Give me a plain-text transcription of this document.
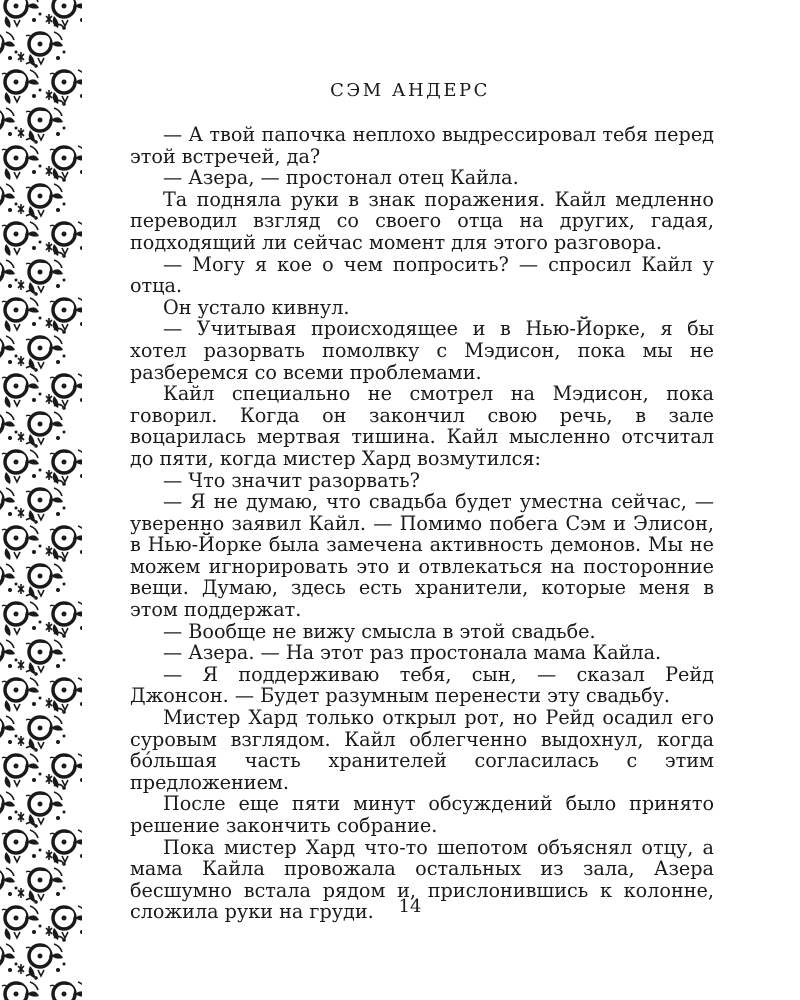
СЭМ АНДЕРС

— А твой папочка неплохо выдрессировал тебя перед этой встречей, да?

— Азера, — простонал отец Кайла.

Та подняла руки в знак поражения. Кайл медленно переводил взгляд со своего отца на других, гадая, подходящий ли сейчас момент для этого разговора.

— Могу я кое о чем попросить? — спросил Кайл у отца.

Он устало кивнул.

— Учитывая происходящее и в Нью-Йорке, я бы хотел разорвать помолвку с Мэдисон, пока мы не разберемся со всеми проблемами.

Кайл специально не смотрел на Мэдисон, пока говорил. Когда он закончил свою речь, в зале воцарилась мертвая тишина. Кайл мысленно отсчитал до пяти, когда мистер Хард возмутился:

— Что значит разорвать?

— Я не думаю, что свадьба будет уместна сейчас, — уверенно заявил Кайл. — Помимо побега Сэм и Элисон, в Нью-Йорке была замечена активность демонов. Мы не можем игнорировать это и отвлекаться на посторонние вещи. Думаю, здесь есть хранители, которые меня в этом поддержат.

— Вообще не вижу смысла в этой свадьбе.

— Азера. — На этот раз простонала мама Кайла.

— Я поддерживаю тебя, сын, — сказал Рейд Джонсон. — Будет разумным перенести эту свадьбу.

Мистер Хард только открыл рот, но Рейд осадил его суровым взглядом. Кайл облегченно выдохнул, когда бóльшая часть хранителей согласилась с этим предложением.

После еще пяти минут обсуждений было принято решение закончить собрание.

Пока мистер Хард что-то шепотом объяснял отцу, а мама Кайла провожала остальных из зала, Азера бесшумно встала рядом и, прислонившись к колонне, сложила руки на груди.	14
